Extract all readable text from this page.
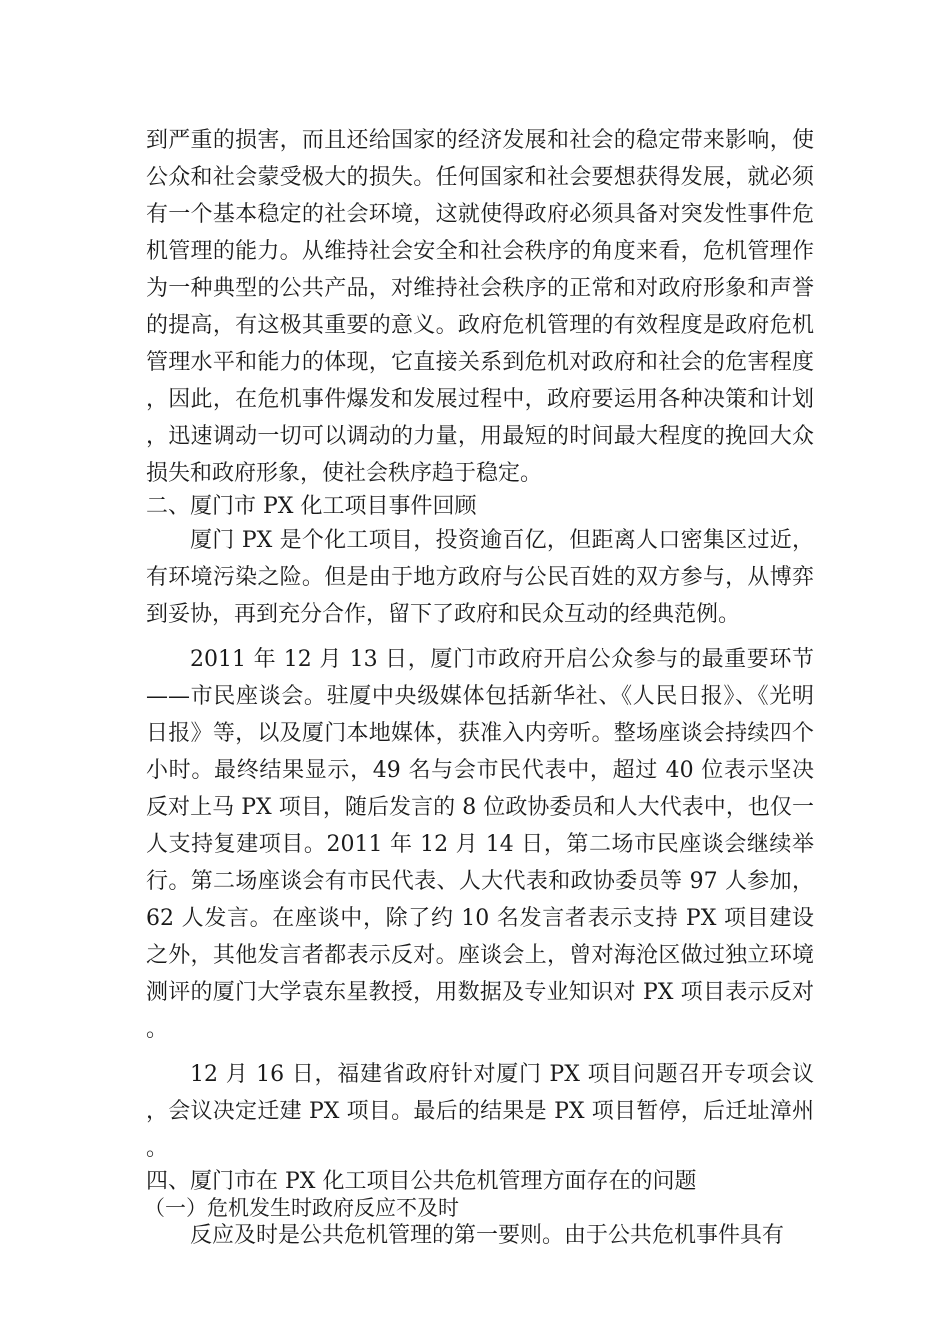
到严重的损害，而且还给国家的经济发展和社会的稳定带来影响，使公众和社会蒙受极大的损失。任何国家和社会要想获得发展，就必须有一个基本稳定的社会环境，这就使得政府必须具备对突发性事件危机管理的能力。从维持社会安全和社会秩序的角度来看，危机管理作为一种典型的公共产品，对维持社会秩序的正常和对政府形象和声誉的提高，有这极其重要的意义。政府危机管理的有效程度是政府危机管理水平和能力的体现，它直接关系到危机对政府和社会的危害程度，因此，在危机事件爆发和发展过程中，政府要运用各种决策和计划，迅速调动一切可以调动的力量，用最短的时间最大程度的挽回大众损失和政府形象，使社会秩序趋于稳定。

二、厦门市 PX 化工项目事件回顾

厦门 PX 是个化工项目，投资逾百亿，但距离人口密集区过近，有环境污染之险。但是由于地方政府与公民百姓的双方参与，从博弈到妥协，再到充分合作，留下了政府和民众互动的经典范例。

2011 年 12 月 13 日，厦门市政府开启公众参与的最重要环节——市民座谈会。驻厦中央级媒体包括新华社、《人民日报》、《光明日报》等，以及厦门本地媒体，获准入内旁听。整场座谈会持续四个小时。最终结果显示，49 名与会市民代表中，超过 40 位表示坚决反对上马 PX 项目，随后发言的 8 位政协委员和人大代表中，也仅一人支持复建项目。2011 年 12 月 14 日，第二场市民座谈会继续举行。第二场座谈会有市民代表、人大代表和政协委员等 97 人参加，62 人发言。在座谈中，除了约 10 名发言者表示支持 PX 项目建设之外，其他发言者都表示反对。座谈会上，曾对海沧区做过独立环境测评的厦门大学袁东星教授，用数据及专业知识对 PX 项目表示反对。

12 月 16 日，福建省政府针对厦门 PX 项目问题召开专项会议，会议决定迁建 PX 项目。最后的结果是 PX 项目暂停，后迁址漳州。

四、厦门市在 PX 化工项目公共危机管理方面存在的问题

（一）危机发生时政府反应不及时

反应及时是公共危机管理的第一要则。由于公共危机事件具有
